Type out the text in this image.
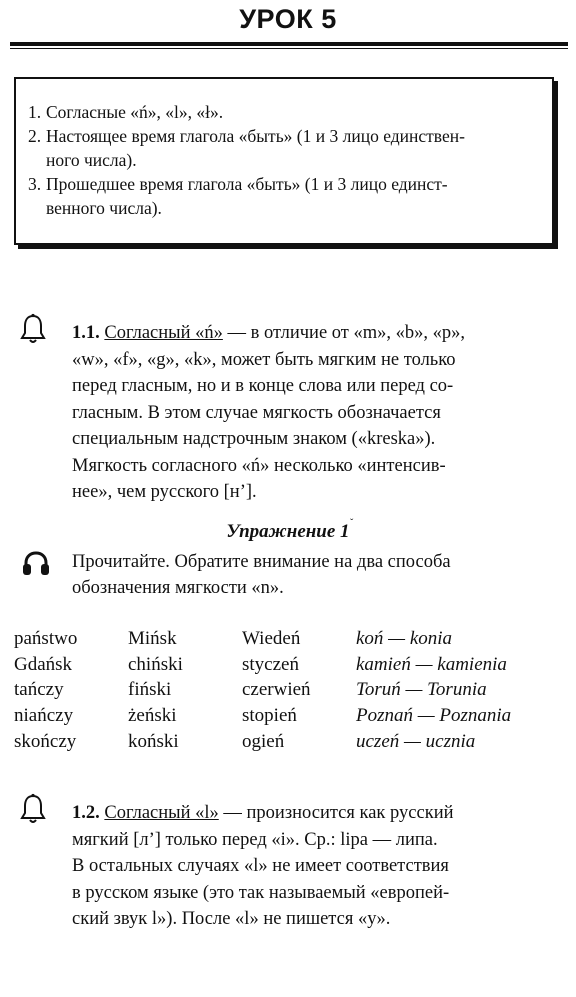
УРОК 5
1. Согласные «ń», «l», «ł».
2. Настоящее время глагола «быть» (1 и 3 лицо единствен-
ного числа).
3. Прошедшее время глагола «быть» (1 и 3 лицо единст-
венного числа).
1.1. Согласный «ń» — в отличие от «m», «b», «p»,
«w», «f», «g», «k», может быть мягким не только
перед гласным, но и в конце слова или перед со-
гласным. В этом случае мягкость обозначается
специальным надстрочным знаком («kreska»).
Мягкость согласного «ń» несколько «интенсив-
нее», чем русского [н’].
Упражнение 1 ˇ
Прочитайте. Обратите внимание на два способа
обозначения мягкости «n».
państwo
Gdańsk
tańczy
niańczy
skończy
Mińsk
chiński
fiński
żeński
koński
Wiedeń
styczeń
czerwień
stopień
ogień
koń — konia
kamień — kamienia
Toruń — Torunia
Poznań — Poznania
uczeń — ucznia
1.2. Согласный «l» — произносится как русский
мягкий [л’] только перед «i». Ср.: lipa — липа.
В остальных случаях «l» не имеет соответствия
в русском языке (это так называемый «европей-
ский звук l»). После «l» не пишется «y».
